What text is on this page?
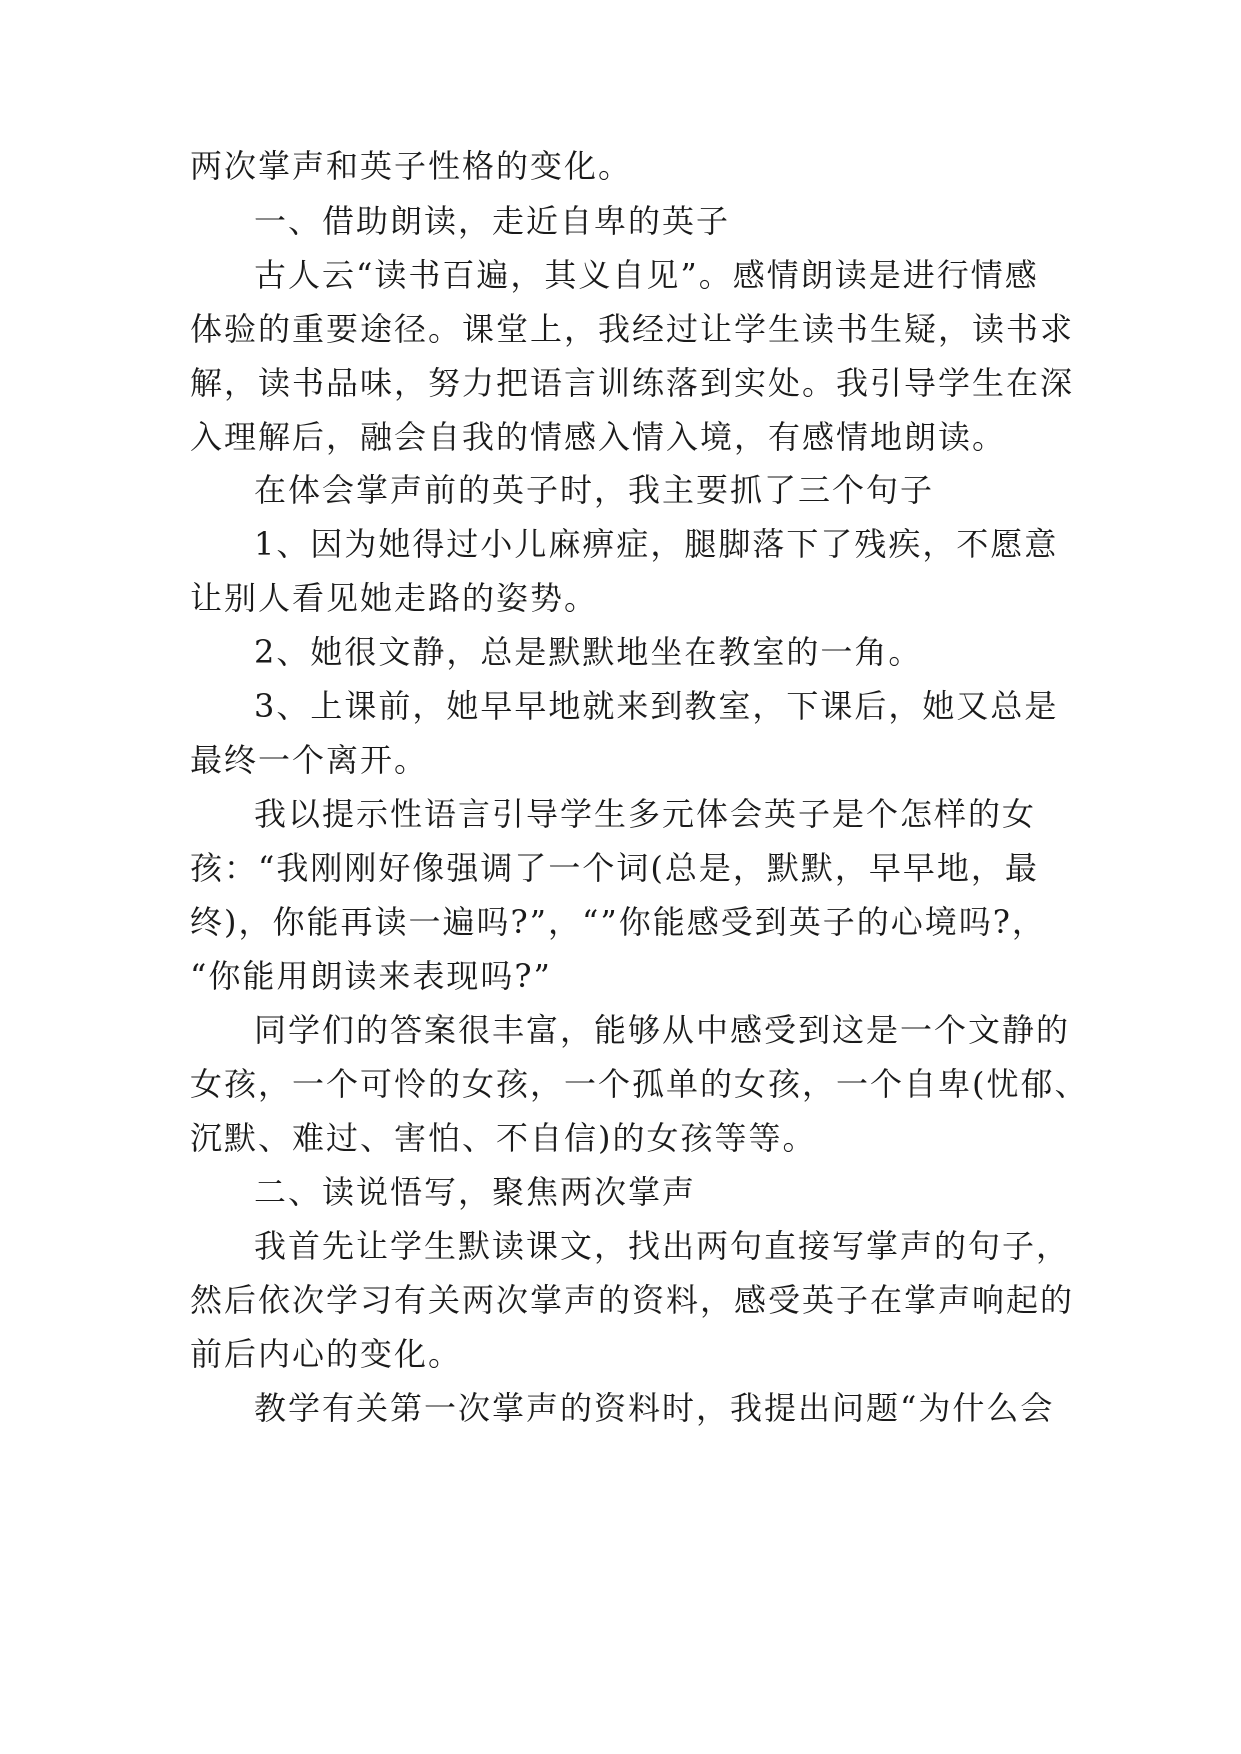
两次掌声和英子性格的变化。
一、借助朗读，走近自卑的英子
古人云“读书百遍，其义自见”。感情朗读是进行情感
体验的重要途径。课堂上，我经过让学生读书生疑，读书求
解，读书品味，努力把语言训练落到实处。我引导学生在深
入理解后，融会自我的情感入情入境，有感情地朗读。
在体会掌声前的英子时，我主要抓了三个句子
1、因为她得过小儿麻痹症，腿脚落下了残疾，不愿意
让别人看见她走路的姿势。
2、她很文静，总是默默地坐在教室的一角。
3、上课前，她早早地就来到教室，下课后，她又总是
最终一个离开。
我以提示性语言引导学生多元体会英子是个怎样的女
孩：“我刚刚好像强调了一个词(总是，默默，早早地，最
终)，你能再读一遍吗?”，“”你能感受到英子的心境吗?，
“你能用朗读来表现吗?”
同学们的答案很丰富，能够从中感受到这是一个文静的
女孩，一个可怜的女孩，一个孤单的女孩，一个自卑(忧郁、
沉默、难过、害怕、不自信)的女孩等等。
二、读说悟写，聚焦两次掌声
我首先让学生默读课文，找出两句直接写掌声的句子，
然后依次学习有关两次掌声的资料，感受英子在掌声响起的
前后内心的变化。
教学有关第一次掌声的资料时，我提出问题“为什么会
